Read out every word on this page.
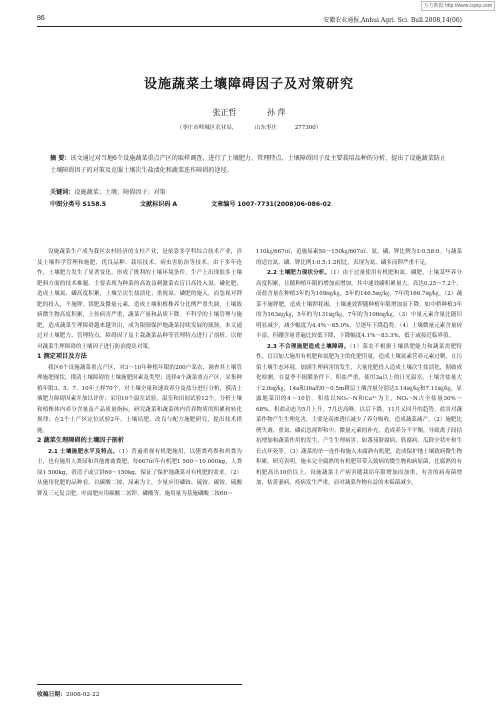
万方数据 http://www.cqvip.com
86	安徽农业通报,Anhui Agri. Sci. Bull.2008,14(06)
设施蔬菜土壤障碍因子及对策研究
张正哲	孙 萍
（枣庄市峄城区农业局，	山东枣庄	277300）
摘 要：该文通过对当地6个设施蔬菜重点产区的取样调查，进行了土壤肥力、管理特点、土壤障碍因子及主要栽培品种的分析，提出了设施蔬菜防止土壤障碍因子的对策及克服土壤次生盐渍化和蔬菜连作障碍的途径。
关键词：设施蔬菜；土壤；障碍因子；对策
中图分类号 S158.5	文献标识码 A	文章编号 1007-7731(2008)06-086-02

设施蔬菜生产成为我区农村经济的支柱产业，是依靠多学科综合技术产业，涉及土壤科学管理和施肥、优良品种、栽培技术、病虫害防治等技术。由于多年连作，土壤肥力发生了显著变化，形成了既利的土壤环境条件，生产上出现很多土壤肥料方面的技术难题。主要表现为种菜的高效益刺激菜农盲目高投入氮、磷化肥，造成土壤氮、磷高度积累，土壤呈次生盐渍化；重视氮、磷肥的施入，而忽视对钾肥的投入，不施钾、镁肥及微量元素，造成土壤和植株养分比例严重失调，土壤致病微生物高度积累，土传病害严重，蔬菜产量和品质下降。不科学的土壤管理与施肥，造成蔬菜生理障碍越来越突出，成为限制保护地蔬菜持续发展的瓶颈。本文通过对土壤肥力、管理特点、障碍因子及主栽蔬菜品种等管理特点进行了剖析，以便对蔬菜生理障碍的土壤因子进行防治提出对策。

1 测定项目及方法

我区6个设施蔬菜重点产区，对3～10年种植年限的200户菜农，调查其土壤管理施肥现状，摸清土壤障碍的土壤施肥因素及类型；选择4个蔬菜重点产区，采集种植年限3、5、7、10年土样70个，对土壤全量和速效养分及盐分进行分析，摸清土壤肥力障碍因素并加以评价；采用10个温室试验，温室和田间试验12个，分析土壤和植株体内养分含量及产品质量指标，研究蔬菜和蔬菜体内营养物质的积累和转化规律；在2个土产区定位试验2年，土壤培肥、改良与配方施肥研究，提出技术措施。

2 蔬菜生理障碍的土壤因子剖析

2.1 土壤施肥水平及特点。（1）普遍重视有机肥施用，以猪粪鸡粪和鸡粪为主，也有施用人粪尿和其他畜禽粪肥。每667㎡年有机肥1 500～10 000kg，人粪尿1 500kg，消清子或豆饼60～150kg，保证了保护地蔬菜对有机肥的需求。（2）从施用化肥的品种看，以碳酸二铵、尿素为主，少量应用磷铵、硫铵、碳铵、硫酸钾及三元复合肥。叶面肥应用碳酸二氢钾、磷酸等。施用量为基施磷酸二铵60～

110㎏/667㎡，追施尿素50～150㎏/667㎡。氮、磷、钾比例为1:0.58:0。与蔬菜的适宜氮、磷、钾比例1:0.5:1.2相比，表现为氮、磷多而钾严重不足。

2.2 土壤肥力现状分析。（1）由于过量使用有机肥和氮、磷肥，土壤某些养分高度积累，且随种植年限的增加而增加，其中速效磷积累量大，高达0.25～7.2个，而盐含量在种植3年的为109㎎/㎏，5年的146.5㎎/㎏，7年的166.7㎎/㎏。（2）蔬菜不施钾肥，造成土壤钾耗竭，土壤速效钾随种植年限增加而下降，如中桥种植3年的为163㎎/㎏，5年的为131㎎/㎏，7年的为106㎎/㎏。（3）中量元素含量比随识明显减少，减少幅度为4.4%～85.0%，呈逐年下降趋势。（4）土壤微量元素含量较丰富，但硼含量普遍比较低下降，下降幅度4.1%～83.3%，低于或接近临界值。

2.3 不合理施肥造成土壤障碍。（1）菜农不根据土壤供肥能力和蔬菜需肥特性，盲目加大施用有机肥和氮肥为主的化肥用量，造成土壤氮素营养元素过剩，且污染土壤生态环境，加剧生理病害的发生，大量化肥投入造成土壤次生盐渍化，据破成化检测，在夏季不揭膜条件下，积盐严重，使用3a以上的日光温室，土壤含盐量大于2.0㎎/㎏，14a和36a的0～0.5m耕层土壤含量分别达3.14㎎/㎏和7.11㎎/㎏，显露地菜田的4～10倍。积盐以NO₃⁻-N和Ca²⁺为主，NO₃⁻-N占全盐量30%～68%。积盐动态为5月上升，7月达高峰，以后下降，11月又回升的趋势。盐害对蔬菜作物产生生理危害，主要是高渗透压减少了养分吸收，造成蔬菜减产。（2）施肥比例失调，重氮、磷而忽视钾和中、微量元素的补充，造成养分不平衡，导致离子间拮抗增加和蔬菜作用的发生，产生生理病害，如番茄脐腐病、筋腐病、瓜除全状叶和生长点坏死等。（3）蔬菜的单一连作和施入未腐熟有机肥，造成保护地土壤致病微生物积累。研究表明，施未完全腐熟的有机肥带带入致病的微生物和病原菌，比腐熟的有机肥高出10倍以上，设施蔬菜主产病害随栽培年限增加而加重，有害的病毒菌增加，枯黄萎病，疫病发生严重，而对蔬菜作物有益的木霉菌减少。

收稿日期：2008-02-22
